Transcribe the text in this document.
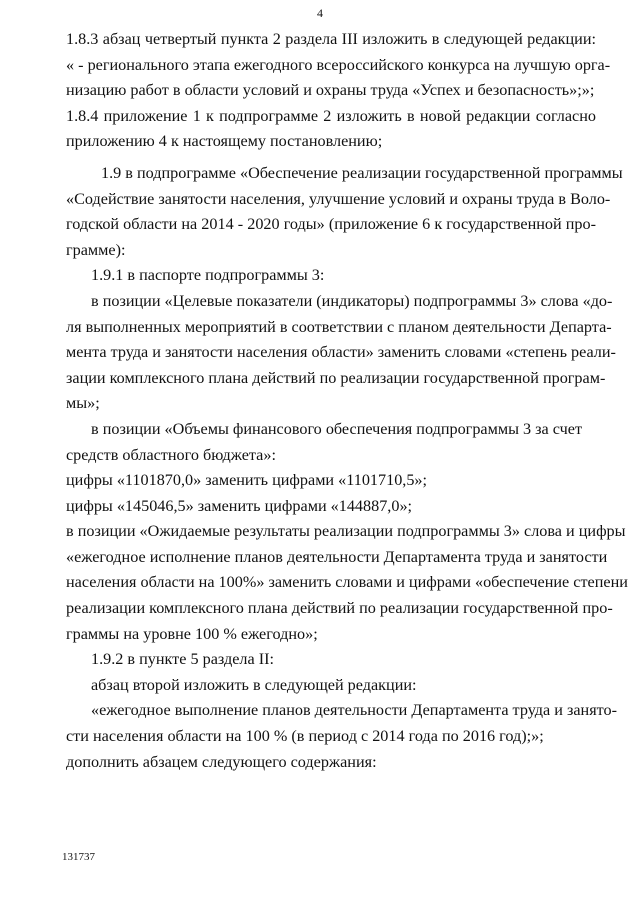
4
1.8.3 абзац четвертый пункта 2 раздела III изложить в следующей редакции:
« - регионального этапа ежегодного всероссийского конкурса на лучшую орга-
низацию работ в области условий и охраны труда «Успех и безопасность»;»;
1.8.4 приложение 1 к подпрограмме 2 изложить в новой редакции согласно
приложению 4 к настоящему постановлению;
1.9 в подпрограмме «Обеспечение реализации государственной программы
«Содействие занятости населения, улучшение условий и охраны труда в Воло-
годской области на 2014 - 2020 годы» (приложение 6 к государственной про-
грамме):
1.9.1 в паспорте подпрограммы 3:
в позиции «Целевые показатели (индикаторы) подпрограммы 3» слова «до-
ля выполненных мероприятий в соответствии с планом деятельности Департа-
мента труда и занятости населения области» заменить словами «степень реали-
зации комплексного плана действий по реализации государственной програм-
мы»;
в позиции «Объемы финансового обеспечения подпрограммы 3 за счет
средств областного бюджета»:
цифры «1101870,0» заменить цифрами «1101710,5»;
цифры «145046,5» заменить цифрами «144887,0»;
в позиции «Ожидаемые результаты реализации подпрограммы 3» слова и цифры
«ежегодное исполнение планов деятельности Департамента труда и занятости
населения области на 100%» заменить словами и цифрами «обеспечение степени
реализации комплексного плана действий по реализации государственной про-
граммы на уровне 100 % ежегодно»;
1.9.2 в пункте 5 раздела II:
абзац второй изложить в следующей редакции:
«ежегодное выполнение планов деятельности Департамента труда и занято-
сти населения области на 100 % (в период с 2014 года по 2016 год);»;
дополнить абзацем следующего содержания:
131737
